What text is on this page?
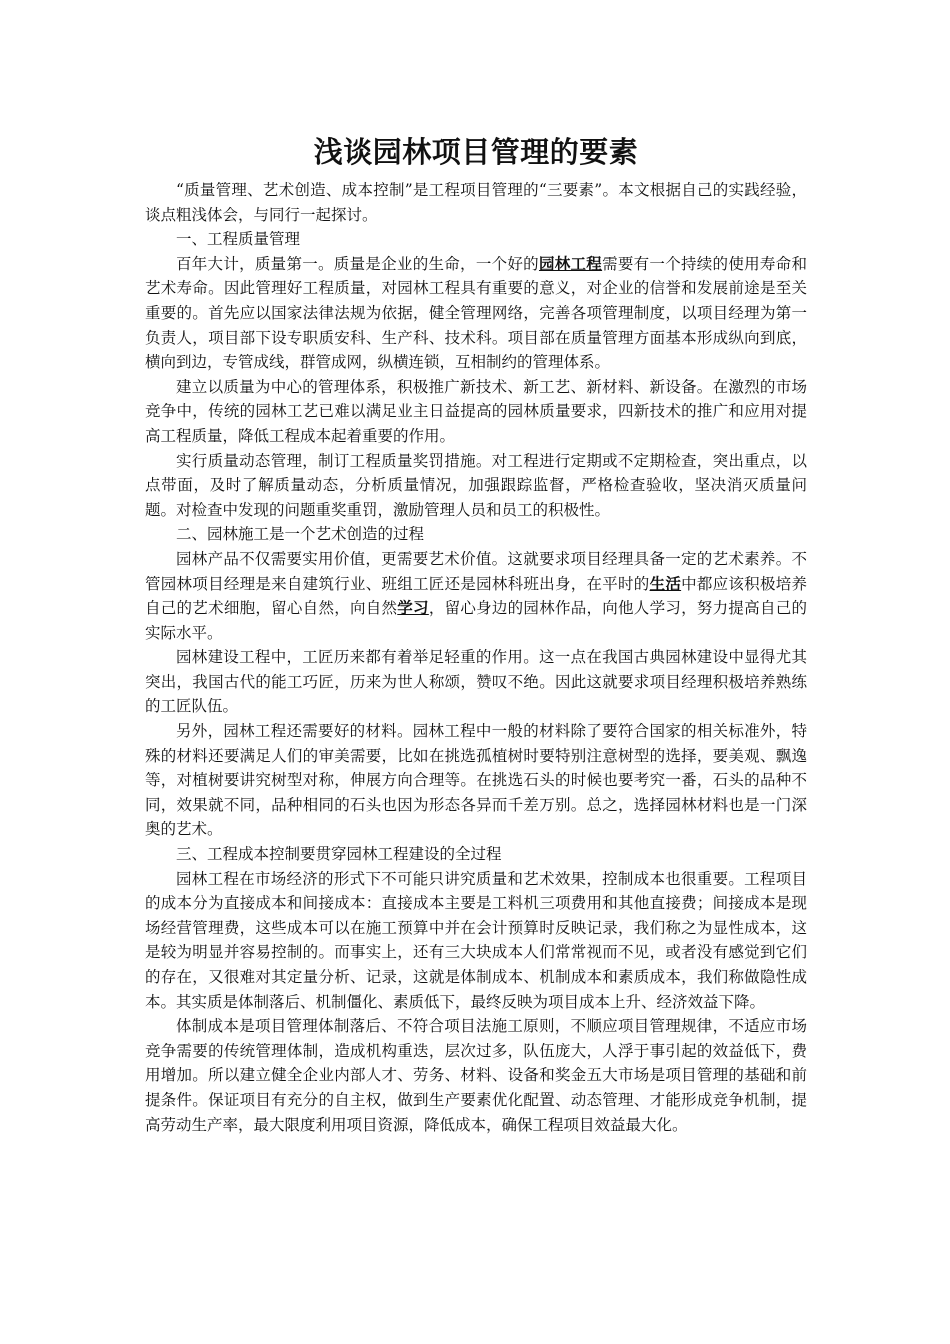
浅谈园林项目管理的要素

“质量管理、艺术创造、成本控制”是工程项目管理的“三要素”。本文根据自己的实践经验，谈点粗浅体会，与同行一起探讨。

一、工程质量管理

百年大计，质量第一。质量是企业的生命，一个好的园林工程需要有一个持续的使用寿命和艺术寿命。因此管理好工程质量，对园林工程具有重要的意义，对企业的信誉和发展前途是至关重要的。首先应以国家法律法规为依据，健全管理网络，完善各项管理制度，以项目经理为第一负责人，项目部下设专职质安科、生产科、技术科。项目部在质量管理方面基本形成纵向到底，横向到边，专管成线，群管成网，纵横连锁，互相制约的管理体系。

建立以质量为中心的管理体系，积极推广新技术、新工艺、新材料、新设备。在激烈的市场竞争中，传统的园林工艺已难以满足业主日益提高的园林质量要求，四新技术的推广和应用对提高工程质量，降低工程成本起着重要的作用。

实行质量动态管理，制订工程质量奖罚措施。对工程进行定期或不定期检查，突出重点，以点带面，及时了解质量动态，分析质量情况，加强跟踪监督，严格检查验收，坚决消灭质量问题。对检查中发现的问题重奖重罚，激励管理人员和员工的积极性。

二、园林施工是一个艺术创造的过程

园林产品不仅需要实用价值，更需要艺术价值。这就要求项目经理具备一定的艺术素养。不管园林项目经理是来自建筑行业、班组工匠还是园林科班出身，在平时的生活中都应该积极培养自己的艺术细胞，留心自然，向自然学习，留心身边的园林作品，向他人学习，努力提高自己的实际水平。

园林建设工程中，工匠历来都有着举足轻重的作用。这一点在我国古典园林建设中显得尤其突出，我国古代的能工巧匠，历来为世人称颂，赞叹不绝。因此这就要求项目经理积极培养熟练的工匠队伍。

另外，园林工程还需要好的材料。园林工程中一般的材料除了要符合国家的相关标准外，特殊的材料还要满足人们的审美需要，比如在挑选孤植树时要特别注意树型的选择，要美观、飘逸等，对植树要讲究树型对称，伸展方向合理等。在挑选石头的时候也要考究一番，石头的品种不同，效果就不同，品种相同的石头也因为形态各异而千差万别。总之，选择园林材料也是一门深奥的艺术。

三、工程成本控制要贯穿园林工程建设的全过程

园林工程在市场经济的形式下不可能只讲究质量和艺术效果，控制成本也很重要。工程项目的成本分为直接成本和间接成本：直接成本主要是工料机三项费用和其他直接费；间接成本是现场经营管理费，这些成本可以在施工预算中并在会计预算时反映记录，我们称之为显性成本，这是较为明显并容易控制的。而事实上，还有三大块成本人们常常视而不见，或者没有感觉到它们的存在，又很难对其定量分析、记录，这就是体制成本、机制成本和素质成本，我们称做隐性成本。其实质是体制落后、机制僵化、素质低下，最终反映为项目成本上升、经济效益下降。

体制成本是项目管理体制落后、不符合项目法施工原则，不顺应项目管理规律，不适应市场竞争需要的传统管理体制，造成机构重迭，层次过多，队伍庞大，人浮于事引起的效益低下，费用增加。所以建立健全企业内部人才、劳务、材料、设备和奖金五大市场是项目管理的基础和前提条件。保证项目有充分的自主权，做到生产要素优化配置、动态管理、才能形成竞争机制，提高劳动生产率，最大限度利用项目资源，降低成本，确保工程项目效益最大化。
